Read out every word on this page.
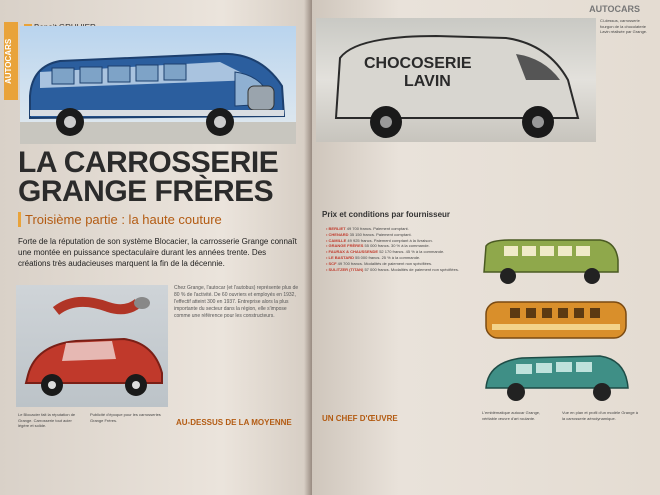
AUTOCARS
LA CARROSSERIE
GRANGE FRÈRES
Troisième partie : la haute couture
Forte de la réputation de son système Blocacier, la carrosserie Grange connaît une montée en puissance spectaculaire durant les années trente. Des créations très audacieuses marquent la fin de la décennie.
Chez Grange, l'autocar (et l'autobus) représente plus de 80 % de l'activité. De 60 ouvriers et employés en 1932, l'effectif atteint 300 en 1937. Entreprise alors la plus importante du secteur dans la région, elle s'impose comme une référence pour les constructeurs.
AU-DESSUS DE LA MOYENNE
Le Blocacier fait la réputation de Grange. Carrosserie tout acier légère et solide.
Publicité d'époque pour les carrosseries Grange Frères.
AUTOCARS
CHOCOSERIE
LAVIN
Ci-dessus, carrosserie fourgon de la chocolaterie Lavin réalisée par Grange.
Prix et conditions par fournisseur
• BERLIET 49 700 francs. Paiement comptant.
• CHENARD 35 150 francs. Paiement comptant.
• CAMILLE 49 925 francs. Paiement comptant à la livraison.
• GRANGE FRÈRES 55 000 francs. 30 % à la commande.
• FAURAX & CHAUSSENDE 52 170 francs. 45 % à la commande.
• LE BASTARD 55 000 francs. 25 % à la commande.
• SCF 49 700 francs. Modalités de paiement non spécifiées.
• SULITZER (TITAN) 57 000 francs. Modalités de paiement non spécifiées.
UN CHEF D'ŒUVRE
L'emblématique autocar Grange, véritable œuvre d'art roulante.
Vue en plan et profil d'un modèle Grange à la carrosserie aérodynamique.
